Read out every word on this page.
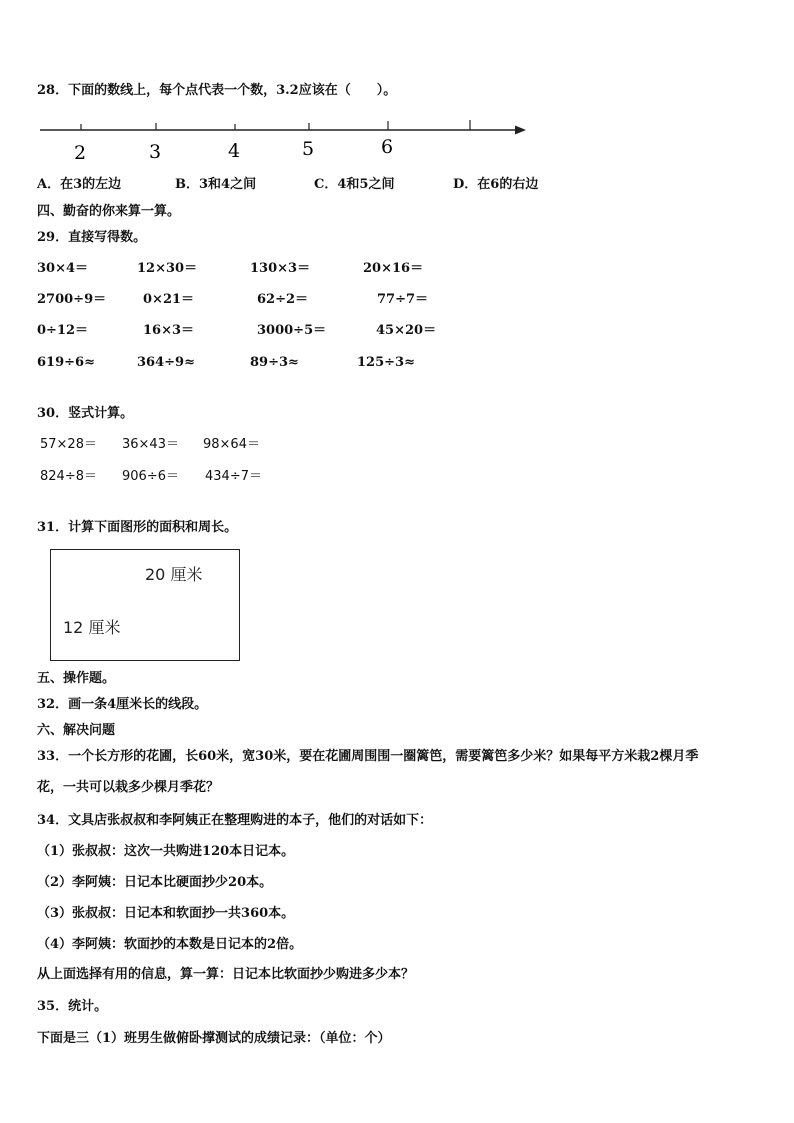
28．下面的数线上，每个点代表一个数，3.2应该在（　　）。
2	3	4	5	6
A．在3的左边	B．3和4之间	C．4和5之间	D．在6的右边
四、勤奋的你来算一算。
29．直接写得数。
30×4＝	12×30＝	130×3＝	20×16＝
2700÷9＝	0×21＝	62÷2＝	77÷7＝
0÷12＝	16×3＝	3000÷5＝	45×20＝
619÷6≈	364÷9≈	89÷3≈	125÷3≈
30．竖式计算。
57×28＝ 36×43＝ 98×64＝
824÷8＝ 906÷6＝ 434÷7＝
31．计算下面图形的面积和周长。
20 厘米
12 厘米
五、操作题。
32．画一条4厘米长的线段。
六、解决问题
33．一个长方形的花圃，长60米，宽30米，要在花圃周围围一圈篱笆，需要篱笆多少米？如果每平方米栽2棵月季
花，一共可以栽多少棵月季花？
34．文具店张叔叔和李阿姨正在整理购进的本子，他们的对话如下：
（1）张叔叔：这次一共购进120本日记本。
（2）李阿姨：日记本比硬面抄少20本。
（3）张叔叔：日记本和软面抄一共360本。
（4）李阿姨：软面抄的本数是日记本的2倍。
从上面选择有用的信息，算一算：日记本比软面抄少购进多少本？
35．统计。
下面是三（1）班男生做俯卧撑测试的成绩记录：（单位：个）
